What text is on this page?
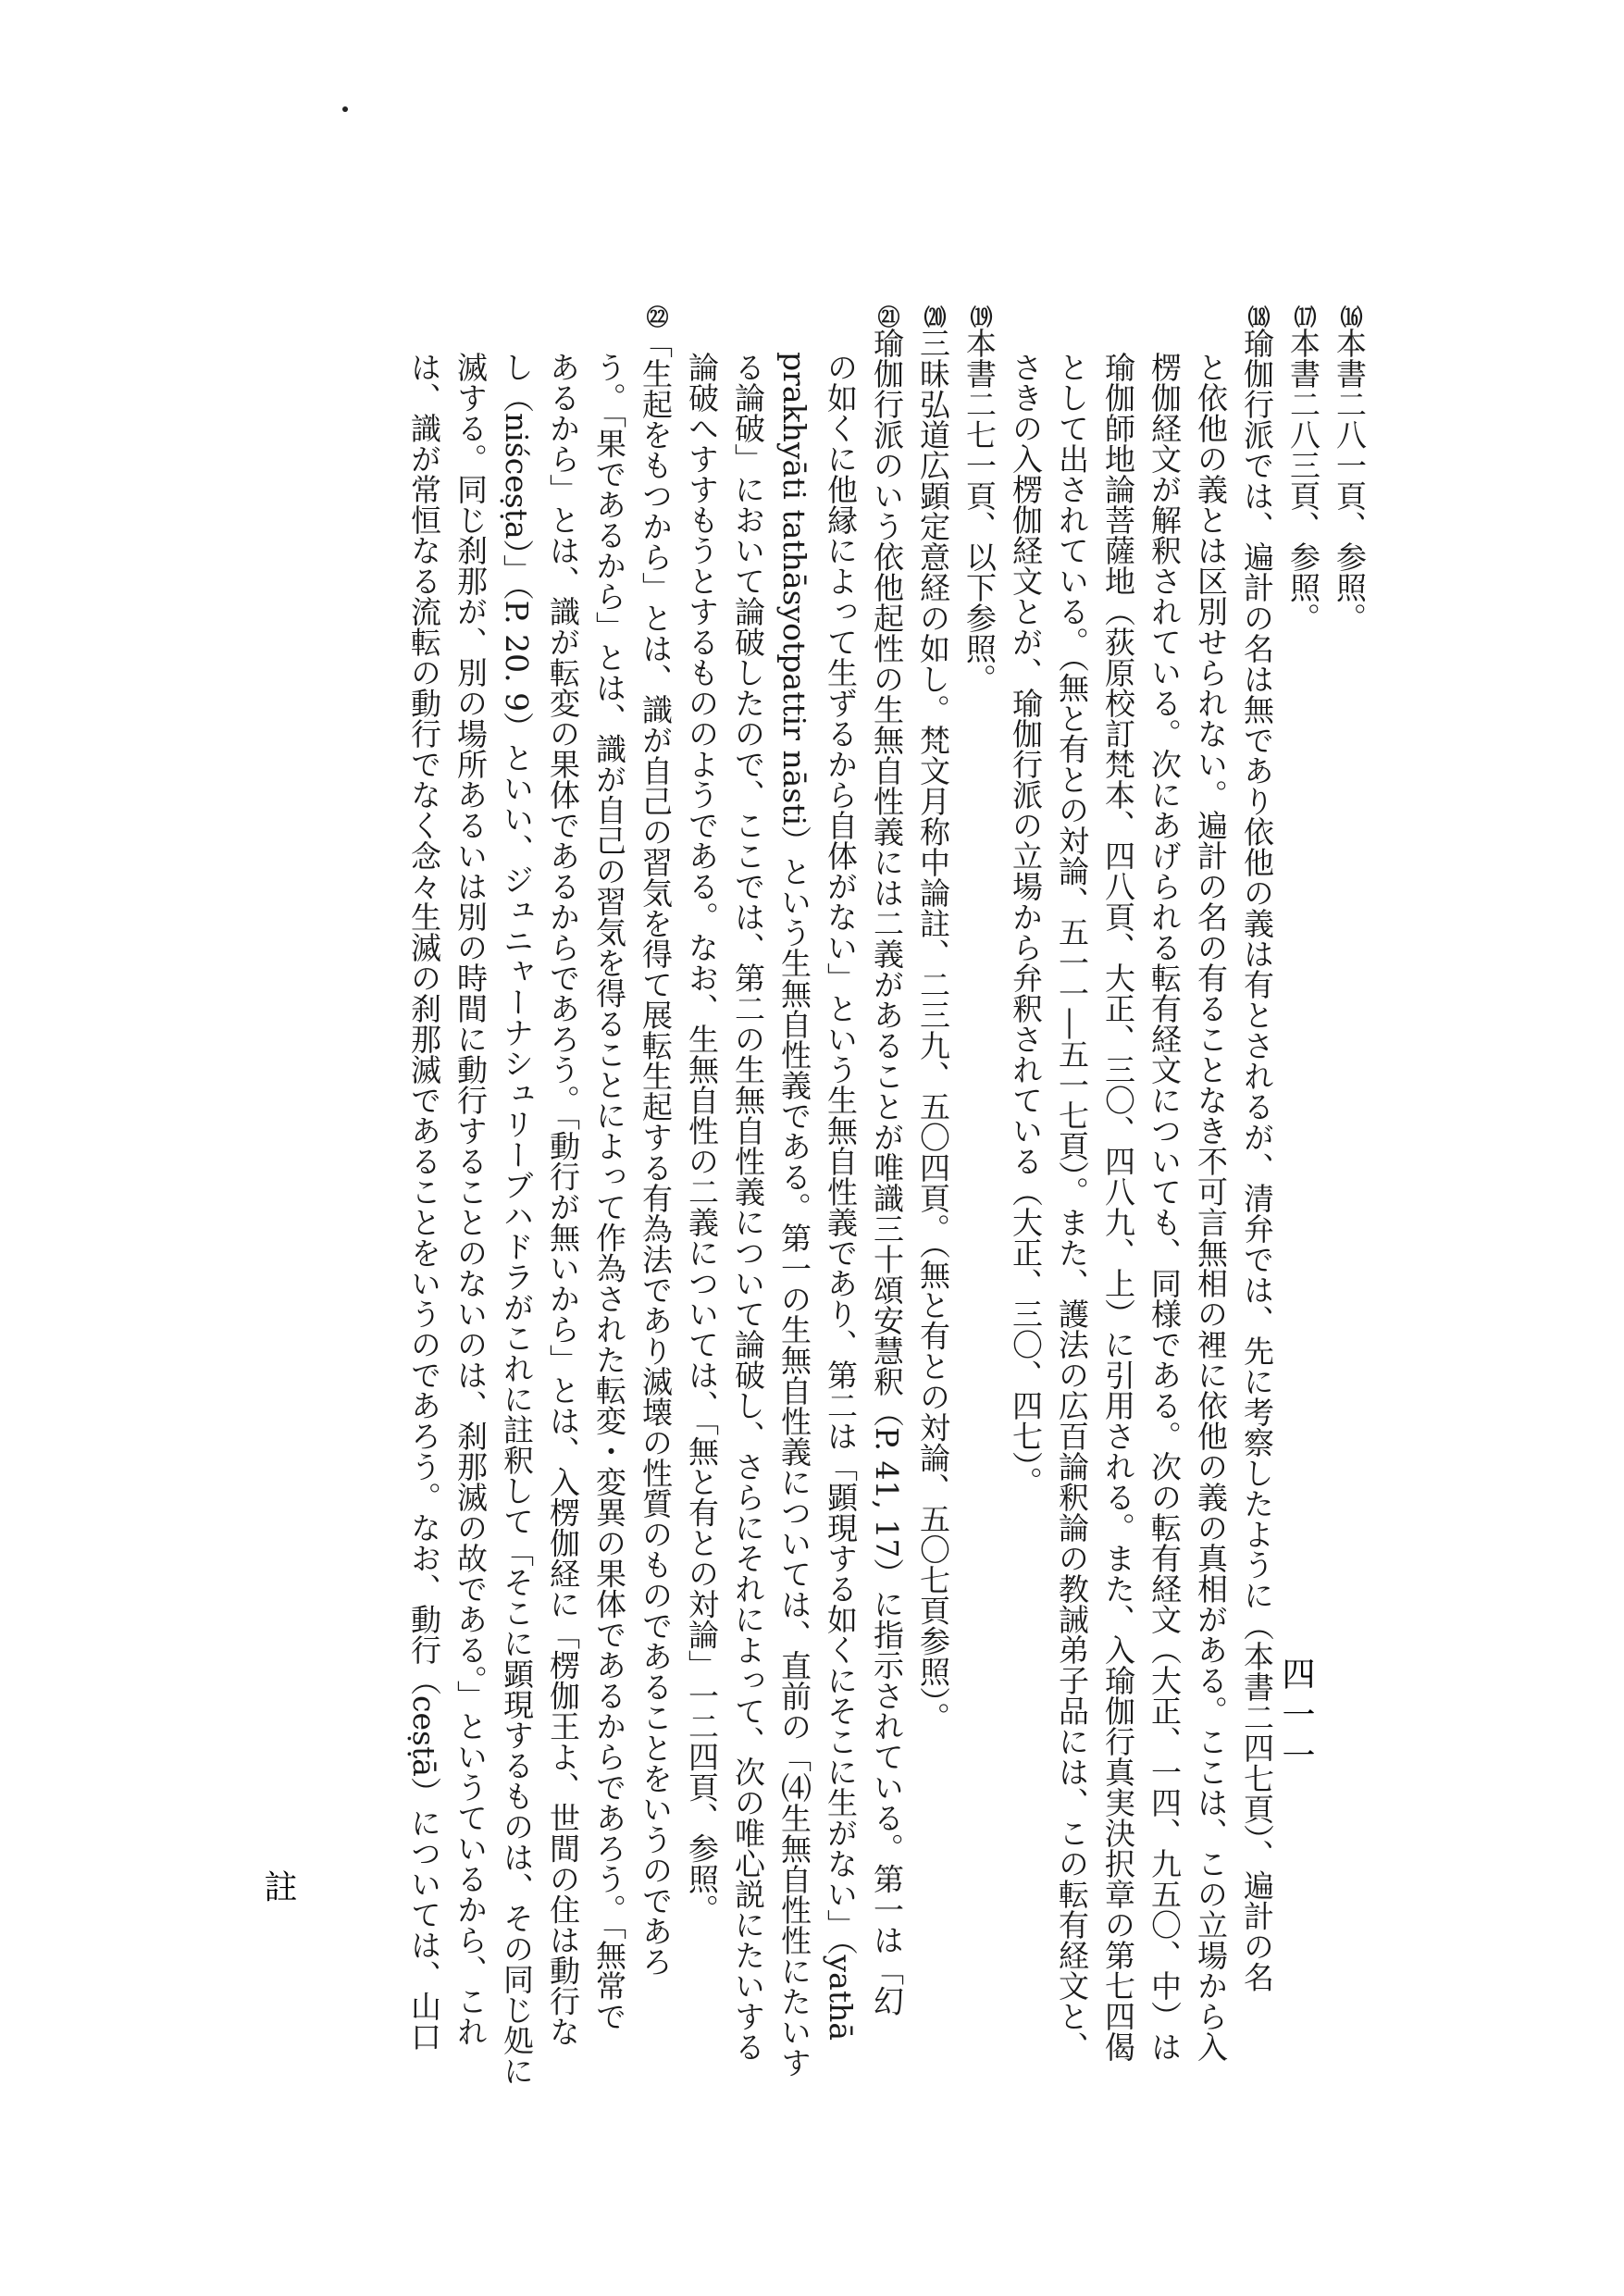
⒃本書二八一頁、参照。
⒄本書二八三頁、参照。
⒅瑜伽行派では、遍計の名は無であり依他の義は有とされるが、清弁では、先に考察したように（本書二四七頁）、遍計の名
と依他の義とは区別せられない。遍計の名の有ることなき不可言無相の裡に依他の義の真相がある。ここは、この立場から入
楞伽経文が解釈されている。次にあげられる転有経文についても、同様である。次の転有経文（大正、一四、九五〇、中）は
瑜伽師地論菩薩地（荻原校訂梵本、四八頁、大正、三〇、四八九、上）に引用される。また、入瑜伽行真実決択章の第七四偈
として出されている。（無と有との対論、五一一―五一七頁）。また、護法の広百論釈論の教誡弟子品には、この転有経文と、
さきの入楞伽経文とが、瑜伽行派の立場から弁釈されている（大正、三〇、四七）。
⒆本書二七一頁、以下参照。
⒇三昧弘道広顕定意経の如し。梵文月称中論註、二三九、五〇四頁。（無と有との対論、五〇七頁参照）。
㉑瑜伽行派のいう依他起性の生無自性義には二義があることが唯識三十頌安慧釈（P. 41, 17）に指示されている。第一は「幻
の如くに他縁によって生ずるから自体がない」という生無自性義であり、第二は「顕現する如くにそこに生がない」（yathā
prakhyāti tathāsyotpattir nāsti）という生無自性義である。第一の生無自性義については、直前の「⑷生無自性性にたいす
る論破」において論破したので、ここでは、第二の生無自性義について論破し、さらにそれによって、次の唯心説にたいする
論破へすすもうとするもののようである。なお、生無自性の二義については、「無と有との対論」一二四頁、参照。
㉒「生起をもつから」とは、識が自己の習気を得て展転生起する有為法であり滅壊の性質のものであることをいうのであろ
う。「果であるから」とは、識が自己の習気を得ることによって作為された転変・変異の果体であるからであろう。「無常で
あるから」とは、識が転変の果体であるからであろう。「動行が無いから」とは、入楞伽経に「楞伽王よ、世間の住は動行な
し（niśceṣṭa）」（P. 20. 9）といい、ジュニャーナシュリーブハドラがこれに註釈して「そこに顕現するものは、その同じ処に
滅する。同じ刹那が、別の場所あるいは別の時間に動行することのないのは、刹那滅の故である。」というているから、これ
は、識が常恒なる流転の動行でなく念々生滅の刹那滅であることをいうのであろう。なお、動行（ceṣṭā）については、山口	四一一
註
